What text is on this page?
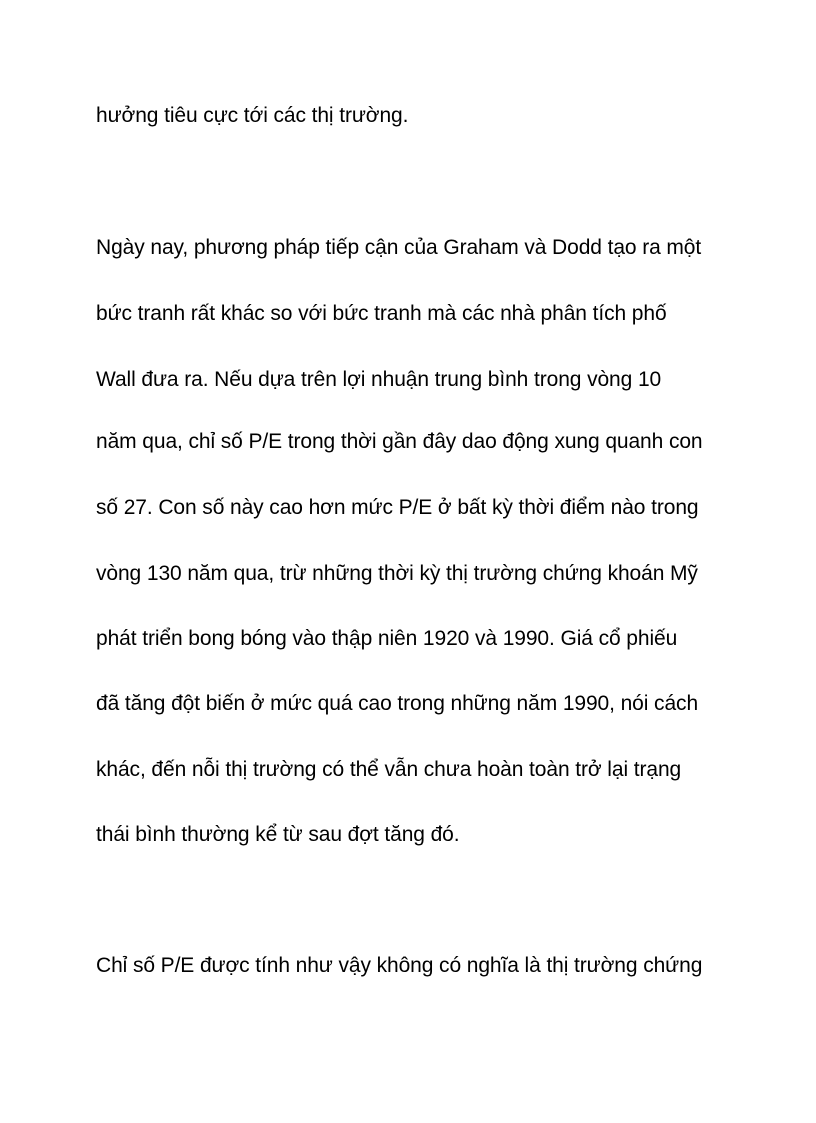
hưởng tiêu cực tới các thị trường.

Ngày nay, phương pháp tiếp cận của Graham và Dodd tạo ra một

bức tranh rất khác so với bức tranh mà các nhà phân tích phố

Wall đưa ra. Nếu dựa trên lợi nhuận trung bình trong vòng 10

năm qua, chỉ số P/E trong thời gần đây dao động xung quanh con

số 27. Con số này cao hơn mức P/E ở bất kỳ thời điểm nào trong

vòng 130 năm qua, trừ những thời kỳ thị trường chứng khoán Mỹ

phát triển bong bóng vào thập niên 1920 và 1990. Giá cổ phiếu

đã tăng đột biến ở mức quá cao trong những năm 1990, nói cách

khác, đến nỗi thị trường có thể vẫn chưa hoàn toàn trở lại trạng

thái bình thường kể từ sau đợt tăng đó.

Chỉ số P/E được tính như vậy không có nghĩa là thị trường chứng
